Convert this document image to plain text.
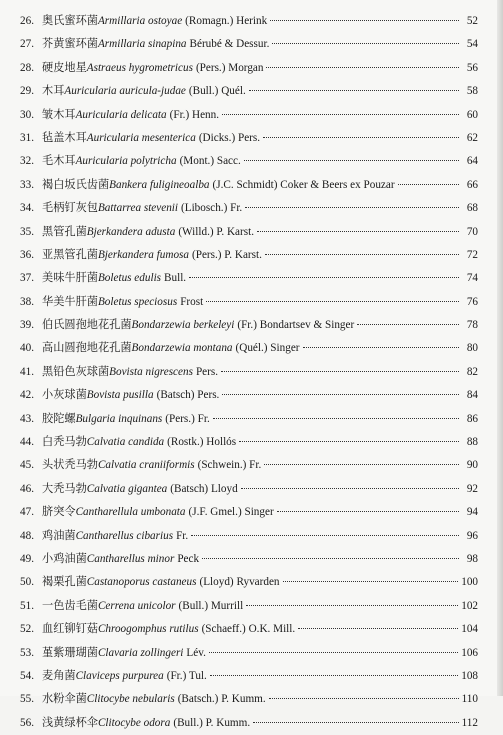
26. 奥氏蜜环菌 Armillaria ostoyae (Romagn.) Herink	52
27. 芥黄蜜环菌 Armillaria sinapina Bérubé & Dessur.	54
28. 硬皮地星 Astraeus hygrometricus (Pers.) Morgan	56
29. 木耳 Auricularia auricula-judae (Bull.) Quél.	58
30. 皱木耳 Auricularia delicata (Fr.) Henn.	60
31. 毡盖木耳 Auricularia mesenterica (Dicks.) Pers.	62
32. 毛木耳 Auricularia polytricha (Mont.) Sacc.	64
33. 褐白坂氏齿菌 Bankera fuligineoalba (J.C. Schmidt) Coker & Beers ex Pouzar	66
34. 毛柄钉灰包 Battarrea stevenii (Libosch.) Fr.	68
35. 黑管孔菌 Bjerkandera adusta (Willd.) P. Karst.	70
36. 亚黑管孔菌 Bjerkandera fumosa (Pers.) P. Karst.	72
37. 美味牛肝菌 Boletus edulis Bull.	74
38. 华美牛肝菌 Boletus speciosus Frost	76
39. 伯氏圆孢地花孔菌 Bondarzewia berkeleyi (Fr.) Bondartsev & Singer	78
40. 高山圆孢地花孔菌 Bondarzewia montana (Quél.) Singer	80
41. 黑铅色灰球菌 Bovista nigrescens Pers.	82
42. 小灰球菌 Bovista pusilla (Batsch) Pers.	84
43. 胶陀螺 Bulgaria inquinans (Pers.) Fr.	86
44. 白秃马勃 Calvatia candida (Rostk.) Hollós	88
45. 头状秃马勃 Calvatia craniiformis (Schwein.) Fr.	90
46. 大秃马勃 Calvatia gigantea (Batsch) Lloyd	92
47. 脐突令 Cantharellula umbonata (J.F. Gmel.) Singer	94
48. 鸡油菌 Cantharellus cibarius Fr.	96
49. 小鸡油菌 Cantharellus minor Peck	98
50. 褐栗孔菌 Castanoporus castaneus (Lloyd) Ryvarden	100
51. 一色齿毛菌 Cerrena unicolor (Bull.) Murrill	102
52. 血红铆钉菇 Chroogomphus rutilus (Schaeff.) O.K. Mill.	104
53. 堇紫珊瑚菌 Clavaria zollingeri Lév.	106
54. 麦角菌 Claviceps purpurea (Fr.) Tul.	108
55. 水粉伞菌 Clitocybe nebularis (Batsch.) P. Kumm.	110
56. 浅黄绿杯伞 Clitocybe odora (Bull.) P. Kumm.	112
